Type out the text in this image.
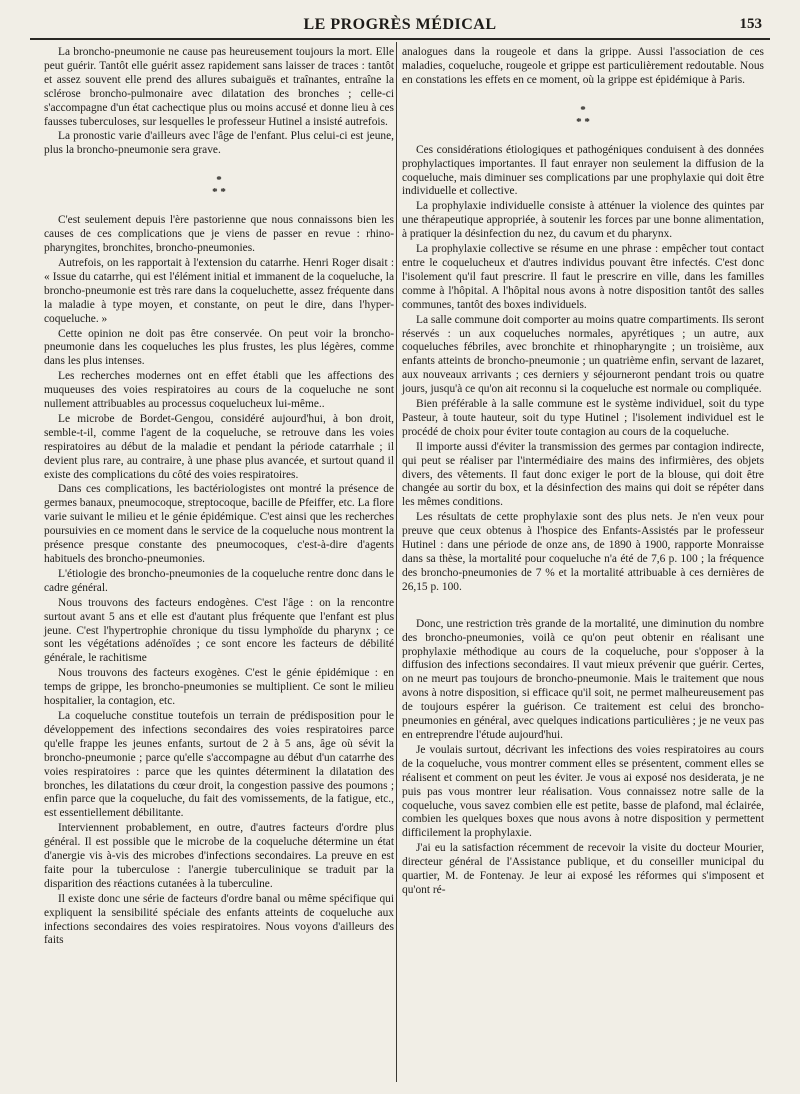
LE PROGRÈS MÉDICAL	153

La broncho-pneumonie ne cause pas heureusement toujours la mort. Elle peut guérir. Tantôt elle guérit assez rapidement sans laisser de traces : tantôt et assez souvent elle prend des allures subaiguës et traînantes, entraîne la sclérose broncho-pulmonaire avec dilatation des bronches ; celle-ci s'accompagne d'un état cachectique plus ou moins accusé et donne lieu à ces fausses tuberculoses, sur lesquelles le professeur Hutinel a insisté autrefois.

La pronostic varie d'ailleurs avec l'âge de l'enfant. Plus celui-ci est jeune, plus la broncho-pneumonie sera grave.

*
* *

C'est seulement depuis l'ère pastorienne que nous connaissons bien les causes de ces complications que je viens de passer en revue : rhino-pharyngites, bronchites, broncho-pneumonies.

Autrefois, on les rapportait à l'extension du catarrhe. Henri Roger disait : « Issue du catarrhe, qui est l'élément initial et immanent de la coqueluche, la broncho-pneumonie est très rare dans la coqueluchette, assez fréquente dans la maladie à type moyen, et constante, on peut le dire, dans l'hyper-coqueluche. »

Cette opinion ne doit pas être conservée. On peut voir la broncho-pneumonie dans les coqueluches les plus frustes, les plus légères, comme dans les plus intenses.

Les recherches modernes ont en effet établi que les affections des muqueuses des voies respiratoires au cours de la coqueluche ne sont nullement attribuables au processus coquelucheux lui-même..

Le microbe de Bordet-Gengou, considéré aujourd'hui, à bon droit, semble-t-il, comme l'agent de la coqueluche, se retrouve dans les voies respiratoires au début de la maladie et pendant la période catarrhale ; il devient plus rare, au contraire, à une phase plus avancée, et surtout quand il existe des complications du côté des voies respiratoires.

Dans ces complications, les bactériologistes ont montré la présence de germes banaux, pneumocoque, streptocoque, bacille de Pfeiffer, etc. La flore varie suivant le milieu et le génie épidémique. C'est ainsi que les recherches poursuivies en ce moment dans le service de la coqueluche nous montrent la présence presque constante des pneumocoques, c'est-à-dire d'agents habituels des broncho-pneumonies.

L'étiologie des broncho-pneumonies de la coqueluche rentre donc dans le cadre général.

Nous trouvons des facteurs endogènes. C'est l'âge : on la rencontre surtout avant 5 ans et elle est d'autant plus fréquente que l'enfant est plus jeune. C'est l'hypertrophie chronique du tissu lymphoïde du pharynx ; ce sont les végétations adénoïdes ; ce sont encore les facteurs de débilité générale, le rachitisme

Nous trouvons des facteurs exogènes. C'est le génie épidémique : en temps de grippe, les broncho-pneumonies se multiplient. Ce sont le milieu hospitalier, la contagion, etc.

La coqueluche constitue toutefois un terrain de prédisposition pour le développement des infections secondaires des voies respiratoires parce qu'elle frappe les jeunes enfants, surtout de 2 à 5 ans, âge où sévit la broncho-pneumonie ; parce qu'elle s'accompagne au début d'un catarrhe des voies respiratoires : parce que les quintes déterminent la dilatation des bronches, les dilatations du cœur droit, la congestion passive des poumons ; enfin parce que la coqueluche, du fait des vomissements, de la fatigue, etc., est essentiellement débilitante.

Interviennent probablement, en outre, d'autres facteurs d'ordre plus général. Il est possible que le microbe de la coqueluche détermine un état d'anergie vis à-vis des microbes d'infections secondaires. La preuve en est faite pour la tuberculose : l'anergie tuberculinique se traduit par la disparition des réactions cutanées à la tuberculine.

Il existe donc une série de facteurs d'ordre banal ou même spécifique qui expliquent la sensibilité spéciale des enfants atteints de coqueluche aux infections secondaires des voies respiratoires. Nous voyons d'ailleurs des faits

analogues dans la rougeole et dans la grippe. Aussi l'association de ces maladies, coqueluche, rougeole et grippe est particulièrement redoutable. Nous en constations les effets en ce moment, où la grippe est épidémique à Paris.

*
* *

Ces considérations étiologiques et pathogéniques conduisent à des données prophylactiques importantes. Il faut enrayer non seulement la diffusion de la coqueluche, mais diminuer ses complications par une prophylaxie qui doit être individuelle et collective.

La prophylaxie individuelle consiste à atténuer la violence des quintes par une thérapeutique appropriée, à soutenir les forces par une bonne alimentation, à pratiquer la désinfection du nez, du cavum et du pharynx.

La prophylaxie collective se résume en une phrase : empêcher tout contact entre le coquelucheux et d'autres individus pouvant être infectés. C'est donc l'isolement qu'il faut prescrire. Il faut le prescrire en ville, dans les familles comme à l'hôpital. A l'hôpital nous avons à notre disposition tantôt des salles communes, tantôt des boxes individuels.

La salle commune doit comporter au moins quatre compartiments. Ils seront réservés : un aux coqueluches normales, apyrétiques ; un autre, aux coqueluches fébriles, avec bronchite et rhinopharyngite ; un troisième, aux enfants atteints de broncho-pneumonie ; un quatrième enfin, servant de lazaret, aux nouveaux arrivants ; ces derniers y séjourneront pendant trois ou quatre jours, jusqu'à ce qu'on ait reconnu si la coqueluche est normale ou compliquée.

Bien préférable à la salle commune est le système individuel, soit du type Pasteur, à toute hauteur, soit du type Hutinel ; l'isolement individuel est le procédé de choix pour éviter toute contagion au cours de la coqueluche.

Il importe aussi d'éviter la transmission des germes par contagion indirecte, qui peut se réaliser par l'intermédiaire des mains des infirmières, des objets divers, des vêtements. Il faut donc exiger le port de la blouse, qui doit être changée au sortir du box, et la désinfection des mains qui doit se répéter dans les mêmes conditions.

Les résultats de cette prophylaxie sont des plus nets. Je n'en veux pour preuve que ceux obtenus à l'hospice des Enfants-Assistés par le professeur Hutinel : dans une période de onze ans, de 1890 à 1900, rapporte Monraisse dans sa thèse, la mortalité pour coqueluche n'a été de 7,6 p. 100 ; la fréquence des broncho-pneumonies de 7 % et la mortalité attribuable à ces dernières de 26,15 p. 100.

Donc, une restriction très grande de la mortalité, une diminution du nombre des broncho-pneumonies, voilà ce qu'on peut obtenir en réalisant une prophylaxie méthodique au cours de la coqueluche, pour s'opposer à la diffusion des infections secondaires. Il vaut mieux prévenir que guérir. Certes, on ne meurt pas toujours de broncho-pneumonie. Mais le traitement que nous avons à notre disposition, si efficace qu'il soit, ne permet malheureusement pas de toujours espérer la guérison. Ce traitement est celui des broncho-pneumonies en général, avec quelques indications particulières ; je ne veux pas en entreprendre l'étude aujourd'hui.

Je voulais surtout, décrivant les infections des voies respiratoires au cours de la coqueluche, vous montrer comment elles se présentent, comment elles se réalisent et comment on peut les éviter. Je vous ai exposé nos desiderata, je ne puis pas vous montrer leur réalisation. Vous connaissez notre salle de la coqueluche, vous savez combien elle est petite, basse de plafond, mal éclairée, combien les quelques boxes que nous avons à notre disposition y permettent difficilement la prophylaxie.

J'ai eu la satisfaction récemment de recevoir la visite du docteur Mourier, directeur général de l'Assistance publique, et du conseiller municipal du quartier, M. de Fontenay. Je leur ai exposé les réformes qui s'imposent et qu'ont ré-
